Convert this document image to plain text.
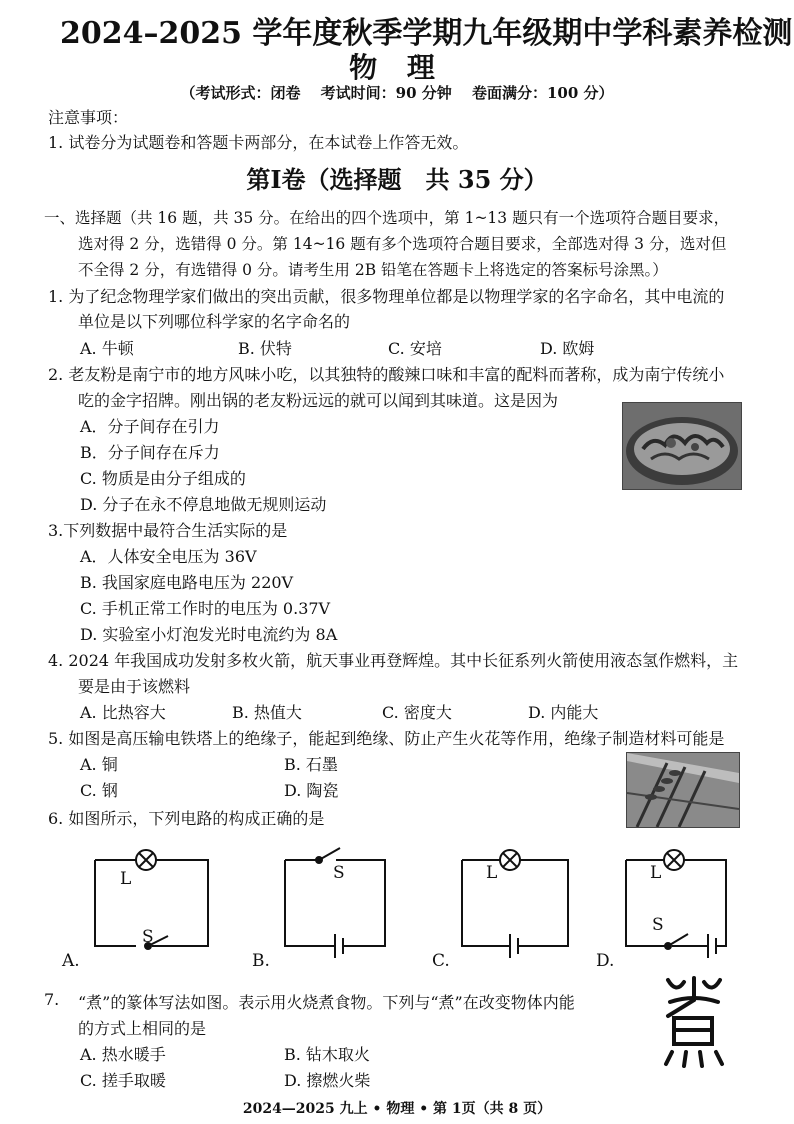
2024–2025 学年度秋季学期九年级期中学科素养检测
物 理
（考试形式：闭卷　 考试时间：90 分钟　 卷面满分：100 分）
注意事项：
1. 试卷分为试题卷和答题卡两部分，在本试卷上作答无效。
第Ⅰ卷（选择题　共 35 分）
一、选择题（共 16 题，共 35 分。在给出的四个选项中，第 1~13 题只有一个选项符合题目要求，
选对得 2 分，选错得 0 分。第 14~16 题有多个选项符合题目要求，全部选对得 3 分，选对但
不全得 2 分，有选错得 0 分。请考生用 2B 铅笔在答题卡上将选定的答案标号涂黑。）
1. 为了纪念物理学家们做出的突出贡献，很多物理单位都是以物理学家的名字命名，其中电流的
单位是以下列哪位科学家的名字命名的
A. 牛顿	B. 伏特	C. 安培	D. 欧姆
2. 老友粉是南宁市的地方风味小吃，以其独特的酸辣口味和丰富的配料而著称，成为南宁传统小
吃的金字招牌。刚出锅的老友粉远远的就可以闻到其味道。这是因为
A．分子间存在引力
B．分子间存在斥力
C. 物质是由分子组成的
D. 分子在永不停息地做无规则运动
3.下列数据中最符合生活实际的是
A．人体安全电压为 36V
B. 我国家庭电路电压为 220V
C. 手机正常工作时的电压为 0.37V
D. 实验室小灯泡发光时电流约为 8A
4. 2024 年我国成功发射多枚火箭，航天事业再登辉煌。其中长征系列火箭使用液态氢作燃料，主
要是由于该燃料
A. 比热容大	B. 热值大	C. 密度大	D. 内能大
5. 如图是高压输电铁塔上的绝缘子，能起到绝缘、防止产生火花等作用，绝缘子制造材料可能是
A. 铜	B. 石墨
C. 钢	D. 陶瓷
6. 如图所示，下列电路的构成正确的是
L
S
A.
S
B.
L
C.
L
S
D.
7. “煮”的篆体写法如图。表示用火烧煮食物。下列与“煮”在改变物体内能
的方式上相同的是
A. 热水暖手	B. 钻木取火
C. 搓手取暖	D. 擦燃火柴
2024—2025 九上 • 物理 • 第 1页（共 8 页）
